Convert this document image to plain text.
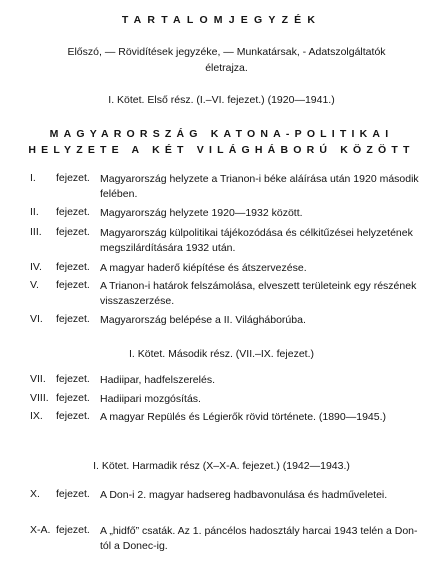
TARTALOMJEGYZÉK
Előszó, — Rövidítések jegyzéke, — Munkatársak, - Adatszolgáltatók
életrajza.
I. Kötet. Első rész. (I.–VI. fejezet.) (1920—1941.)
MAGYARORSZÁG KATONA-POLITIKAI
HELYZETE A KÉT VILÁGHÁBORÚ KÖZÖTT
I. fejezet. Magyarország helyzete a Trianon-i béke aláírása után 1920 második felében.
II. fejezet. Magyarország helyzete 1920—1932 között.
III. fejezet. Magyarország külpolitikai tájékozódása és célkitűzései helyzetének megszilárdítására 1932 után.
IV. fejezet. A magyar haderő kiépítése és átszervezése.
V. fejezet. A Trianon-i határok felszámolása, elveszett területeink egy részének visszaszerzése.
VI. fejezet. Magyarország belépése a II. Világháborúba.
I. Kötet. Második rész. (VII.–IX. fejezet.)
VII. fejezet. Hadiipar, hadfelszerelés.
VIII. fejezet. Hadiipari mozgósítás.
IX. fejezet. A magyar Repülés és Légierők rövid története. (1890—1945.)
I. Kötet. Harmadik rész (X–X-A. fejezet.) (1942—1943.)
X. fejezet. A Don-i 2. magyar hadsereg hadbavonulása és hadműveletei.
X-A. fejezet. A „hidfő” csaták. Az 1. páncélos hadosztály harcai 1943 telén a Don-tól a Donec-ig.
